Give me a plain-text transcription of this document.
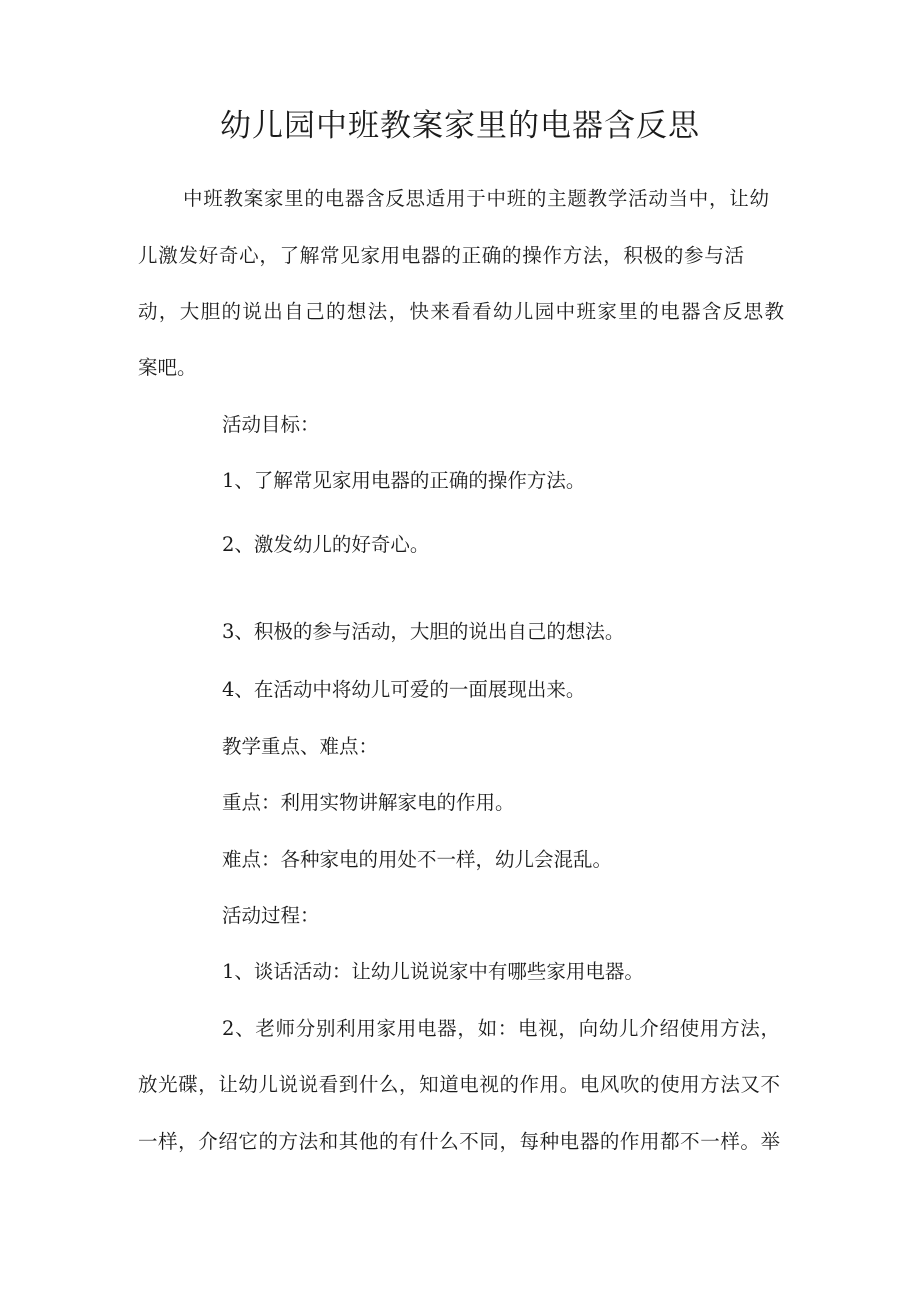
幼儿园中班教案家里的电器含反思

中班教案家里的电器含反思适用于中班的主题教学活动当中，让幼

儿激发好奇心，了解常见家用电器的正确的操作方法，积极的参与活

动，大胆的说出自己的想法，快来看看幼儿园中班家里的电器含反思教

案吧。

活动目标：

1、了解常见家用电器的正确的操作方法。

2、激发幼儿的好奇心。

3、积极的参与活动，大胆的说出自己的想法。

4、在活动中将幼儿可爱的一面展现出来。

教学重点、难点：

重点：利用实物讲解家电的作用。

难点：各种家电的用处不一样，幼儿会混乱。

活动过程：

1、谈话活动：让幼儿说说家中有哪些家用电器。

2、老师分别利用家用电器，如：电视，向幼儿介绍使用方法，

放光碟，让幼儿说说看到什么，知道电视的作用。电风吹的使用方法又不

一样，介绍它的方法和其他的有什么不同，每种电器的作用都不一样。举
